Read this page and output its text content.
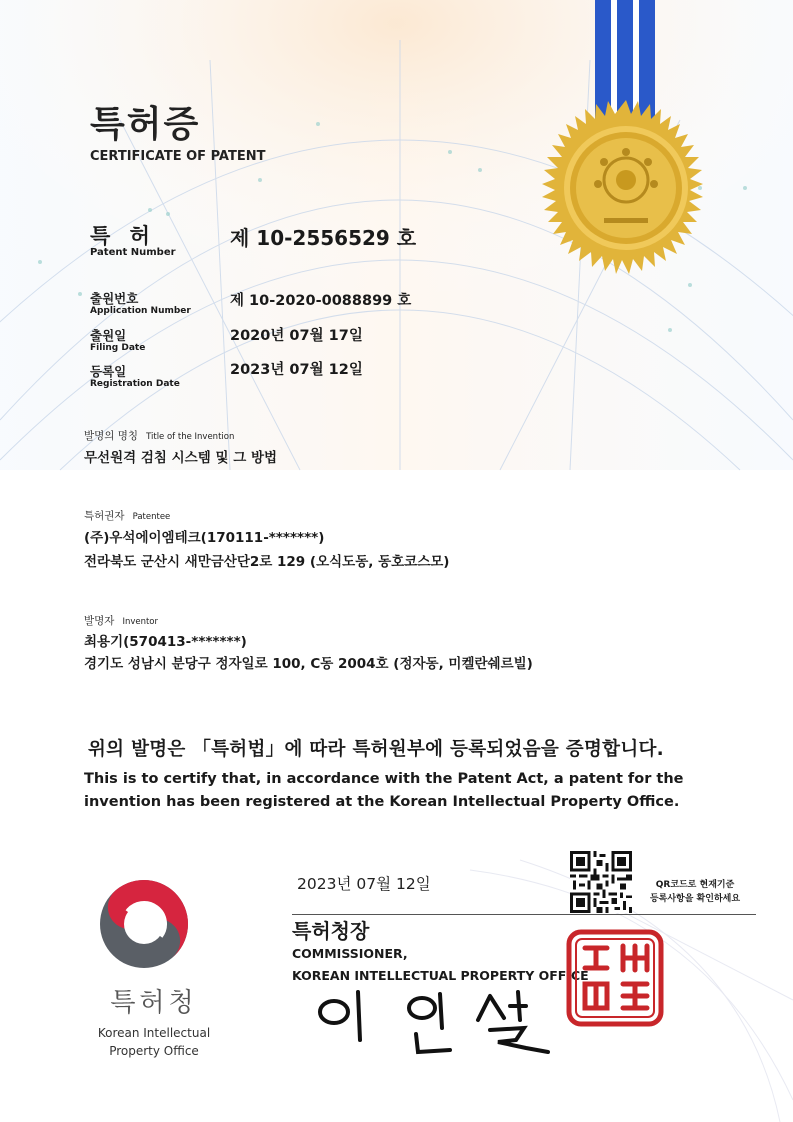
특허증
CERTIFICATE OF PATENT
특 허
Patent Number
제 10-2556529 호
출원번호
Application Number
제 10-2020-0088899 호
출원일
Filing Date
2020년 07월 17일
등록일
Registration Date
2023년 07월 12일
발명의 명칭 Title of the Invention
무선원격 검침 시스템 및 그 방법
특허권자 Patentee
(주)우석에이엠테크(170111-*******)
전라북도 군산시 새만금산단2로 129 (오식도동, 동호코스모)
발명자 Inventor
최용기(570413-*******)
경기도 성남시 분당구 정자일로 100, C동 2004호 (정자동, 미켈란쉐르빌)
위의 발명은 「특허법」에 따라 특허원부에 등록되었음을 증명합니다.
This is to certify that, in accordance with the Patent Act, a patent for the invention has been registered at the Korean Intellectual Property Office.
2023년 07월 12일	QR코드로 현재기준
등록사항을 확인하세요
특허청장
COMMISSIONER,
KOREAN INTELLECTUAL PROPERTY OFFICE
특허청
Korean Intellectual
Property Office
